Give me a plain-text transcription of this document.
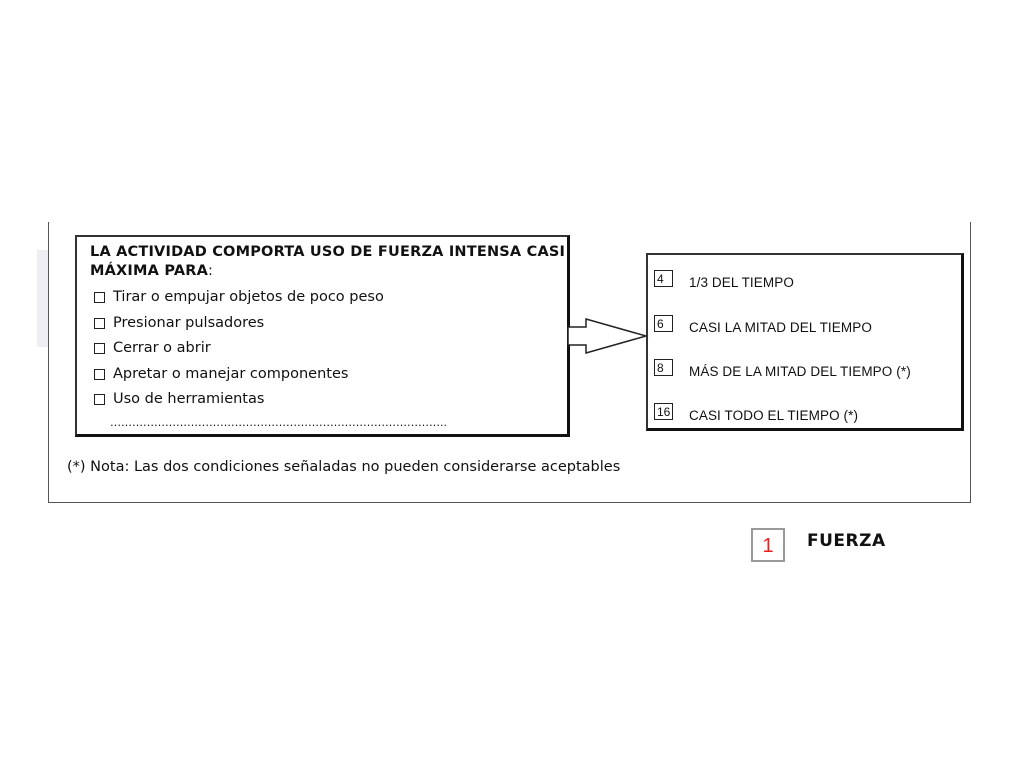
LA ACTIVIDAD COMPORTA USO DE FUERZA INTENSA CASI MÁXIMA PARA:

Tirar o empujar objetos de poco peso
Presionar pulsadores
Cerrar o abrir
Apretar o manejar componentes
Uso de herramientas
………………………………………………………………………………..
4	1/3 DEL TIEMPO
6	CASI LA MITAD DEL TIEMPO
8	MÁS DE LA MITAD DEL TIEMPO (*)
16 CASI TODO EL TIEMPO (*)
(*) Nota: Las dos condiciones señaladas no pueden considerarse aceptables
1	FUERZA
